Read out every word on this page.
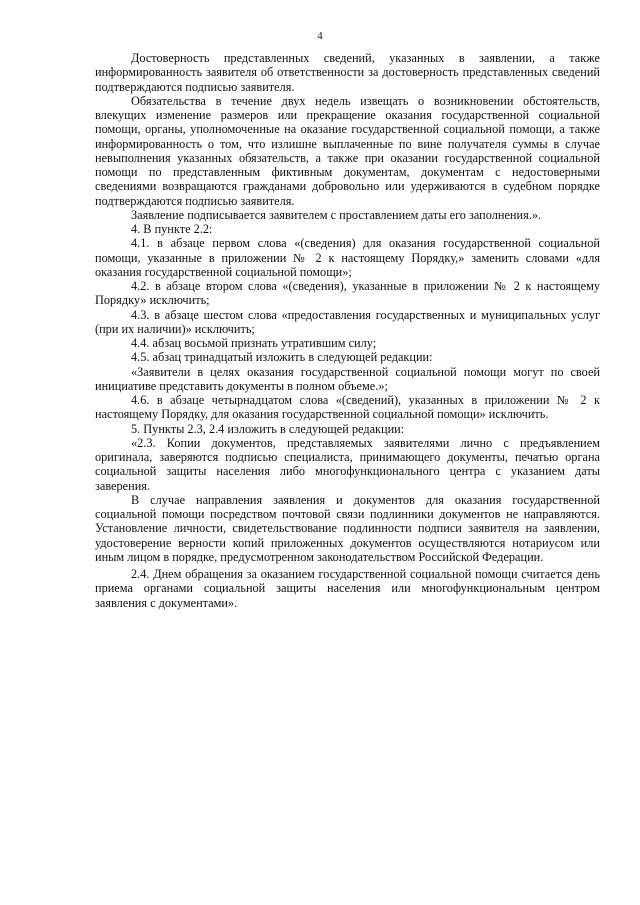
4

Достоверность представленных сведений, указанных в заявлении, а также информированность заявителя об ответственности за достоверность представленных сведений подтверждаются подписью заявителя.

Обязательства в течение двух недель извещать о возникновении обстоятельств, влекущих изменение размеров или прекращение оказания государственной социальной помощи, органы, уполномоченные на оказание государственной социальной помощи, а также информированность о том, что излишне выплаченные по вине получателя суммы в случае невыполнения указанных обязательств, а также при оказании государственной социальной помощи по представленным фиктивным документам, документам с недостоверными сведениями возвращаются гражданами добровольно или удерживаются в судебном порядке подтверждаются подписью заявителя.

Заявление подписывается заявителем с проставлением даты его заполнения.».

4. В пункте 2.2:

4.1. в абзаце первом слова «(сведения) для оказания государственной социальной помощи, указанные в приложении № 2 к настоящему Порядку,» заменить словами «для оказания государственной социальной помощи»;

4.2. в абзаце втором слова «(сведения), указанные в приложении № 2 к настоящему Порядку» исключить;

4.3. в абзаце шестом слова «предоставления государственных и муниципальных услуг (при их наличии)» исключить;

4.4. абзац восьмой признать утратившим силу;

4.5. абзац тринадцатый изложить в следующей редакции:

«Заявители в целях оказания государственной социальной помощи могут по своей инициативе представить документы в полном объеме.»;

4.6. в абзаце четырнадцатом слова «(сведений), указанных в приложении № 2 к настоящему Порядку, для оказания государственной социальной помощи» исключить.

5. Пункты 2.3, 2.4 изложить в следующей редакции:

«2.3. Копии документов, представляемых заявителями лично с предъявлением оригинала, заверяются подписью специалиста, принимающего документы, печатью органа социальной защиты населения либо многофункционального центра с указанием даты заверения.

В случае направления заявления и документов для оказания государственной социальной помощи посредством почтовой связи подлинники документов не направляются. Установление личности, свидетельствование подлинности подписи заявителя на заявлении, удостоверение верности копий приложенных документов осуществляются нотариусом или иным лицом в порядке, предусмотренном законодательством Российской Федерации.

2.4. Днем обращения за оказанием государственной социальной помощи считается день приема органами социальной защиты населения или многофункциональным центром заявления с документами».
